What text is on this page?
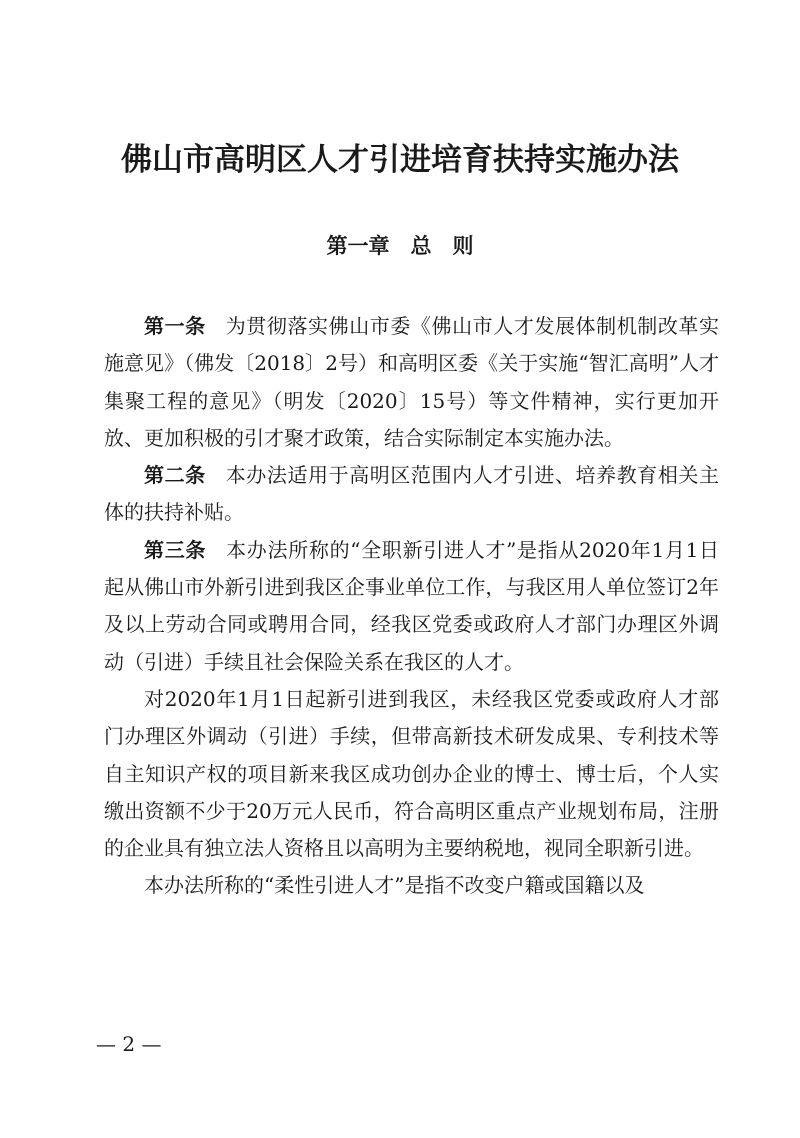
佛山市高明区人才引进培育扶持实施办法
第一章　总　则

第一条 为贯彻落实佛山市委《佛山市人才发展体制机制改革实施意见》（佛发〔2018〕2号）和高明区委《关于实施“智汇高明”人才集聚工程的意见》（明发〔2020〕15号）等文件精神，实行更加开放、更加积极的引才聚才政策，结合实际制定本实施办法。

第二条 本办法适用于高明区范围内人才引进、培养教育相关主体的扶持补贴。

第三条 本办法所称的“全职新引进人才”是指从2020年1月1日起从佛山市外新引进到我区企事业单位工作，与我区用人单位签订2年及以上劳动合同或聘用合同，经我区党委或政府人才部门办理区外调动（引进）手续且社会保险关系在我区的人才。

对2020年1月1日起新引进到我区，未经我区党委或政府人才部门办理区外调动（引进）手续，但带高新技术研发成果、专利技术等自主知识产权的项目新来我区成功创办企业的博士、博士后，个人实缴出资额不少于20万元人民币，符合高明区重点产业规划布局，注册的企业具有独立法人资格且以高明为主要纳税地，视同全职新引进。

本办法所称的“柔性引进人才”是指不改变户籍或国籍以及

— 2 —
